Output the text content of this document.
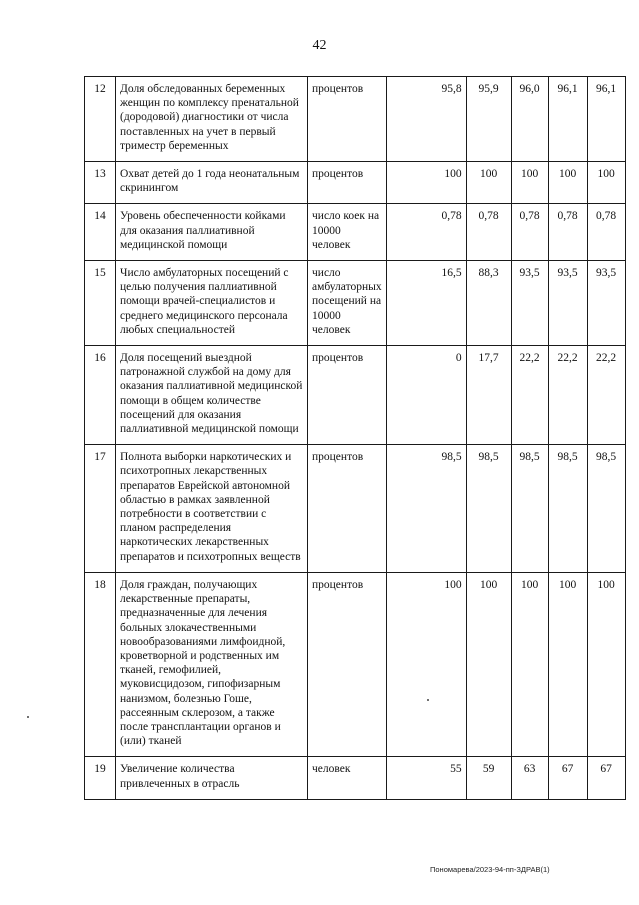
42
12	Доля обследованных беременных женщин по комплексу пренатальной (дородовой) диагностики от числа поставленных на учет в первый триместр беременных	процентов	95,8	95,9	96,0	96,1	96,1
13	Охват детей до 1 года неонатальным скринингом	процентов	100	100	100	100	100
14	Уровень обеспеченности койками для оказания паллиативной медицинской помощи	число коек на 10000 человек	0,78	0,78	0,78	0,78	0,78
15	Число амбулаторных посещений с целью получения паллиативной помощи врачей-специалистов и среднего медицинского персонала любых специальностей	число амбулаторных посещений на 10000 человек	16,5	88,3	93,5	93,5	93,5
16	Доля посещений выездной патронажной службой на дому для оказания паллиативной медицинской помощи в общем количестве посещений для оказания паллиативной медицинской помощи	процентов	0	17,7	22,2	22,2	22,2
17	Полнота выборки наркотических и психотропных лекарственных препаратов Еврейской автономной областью в рамках заявленной потребности в соответствии с планом распределения наркотических лекарственных препаратов и психотропных веществ	процентов	98,5	98,5	98,5	98,5	98,5
18	Доля граждан, получающих лекарственные препараты, предназначенные для лечения больных злокачественными новообразованиями лимфоидной, кроветворной и родственных им тканей, гемофилией, муковисцидозом, гипофизарным нанизмом, болезнью Гоше, рассеянным склерозом, а также после трансплантации органов и (или) тканей	процентов	100	100	100	100	100
19	Увеличение количества привлеченных в отрасль	человек	55	59	63	67	67
Пономарева/2023-94-пп-ЗДРАВ(1)
